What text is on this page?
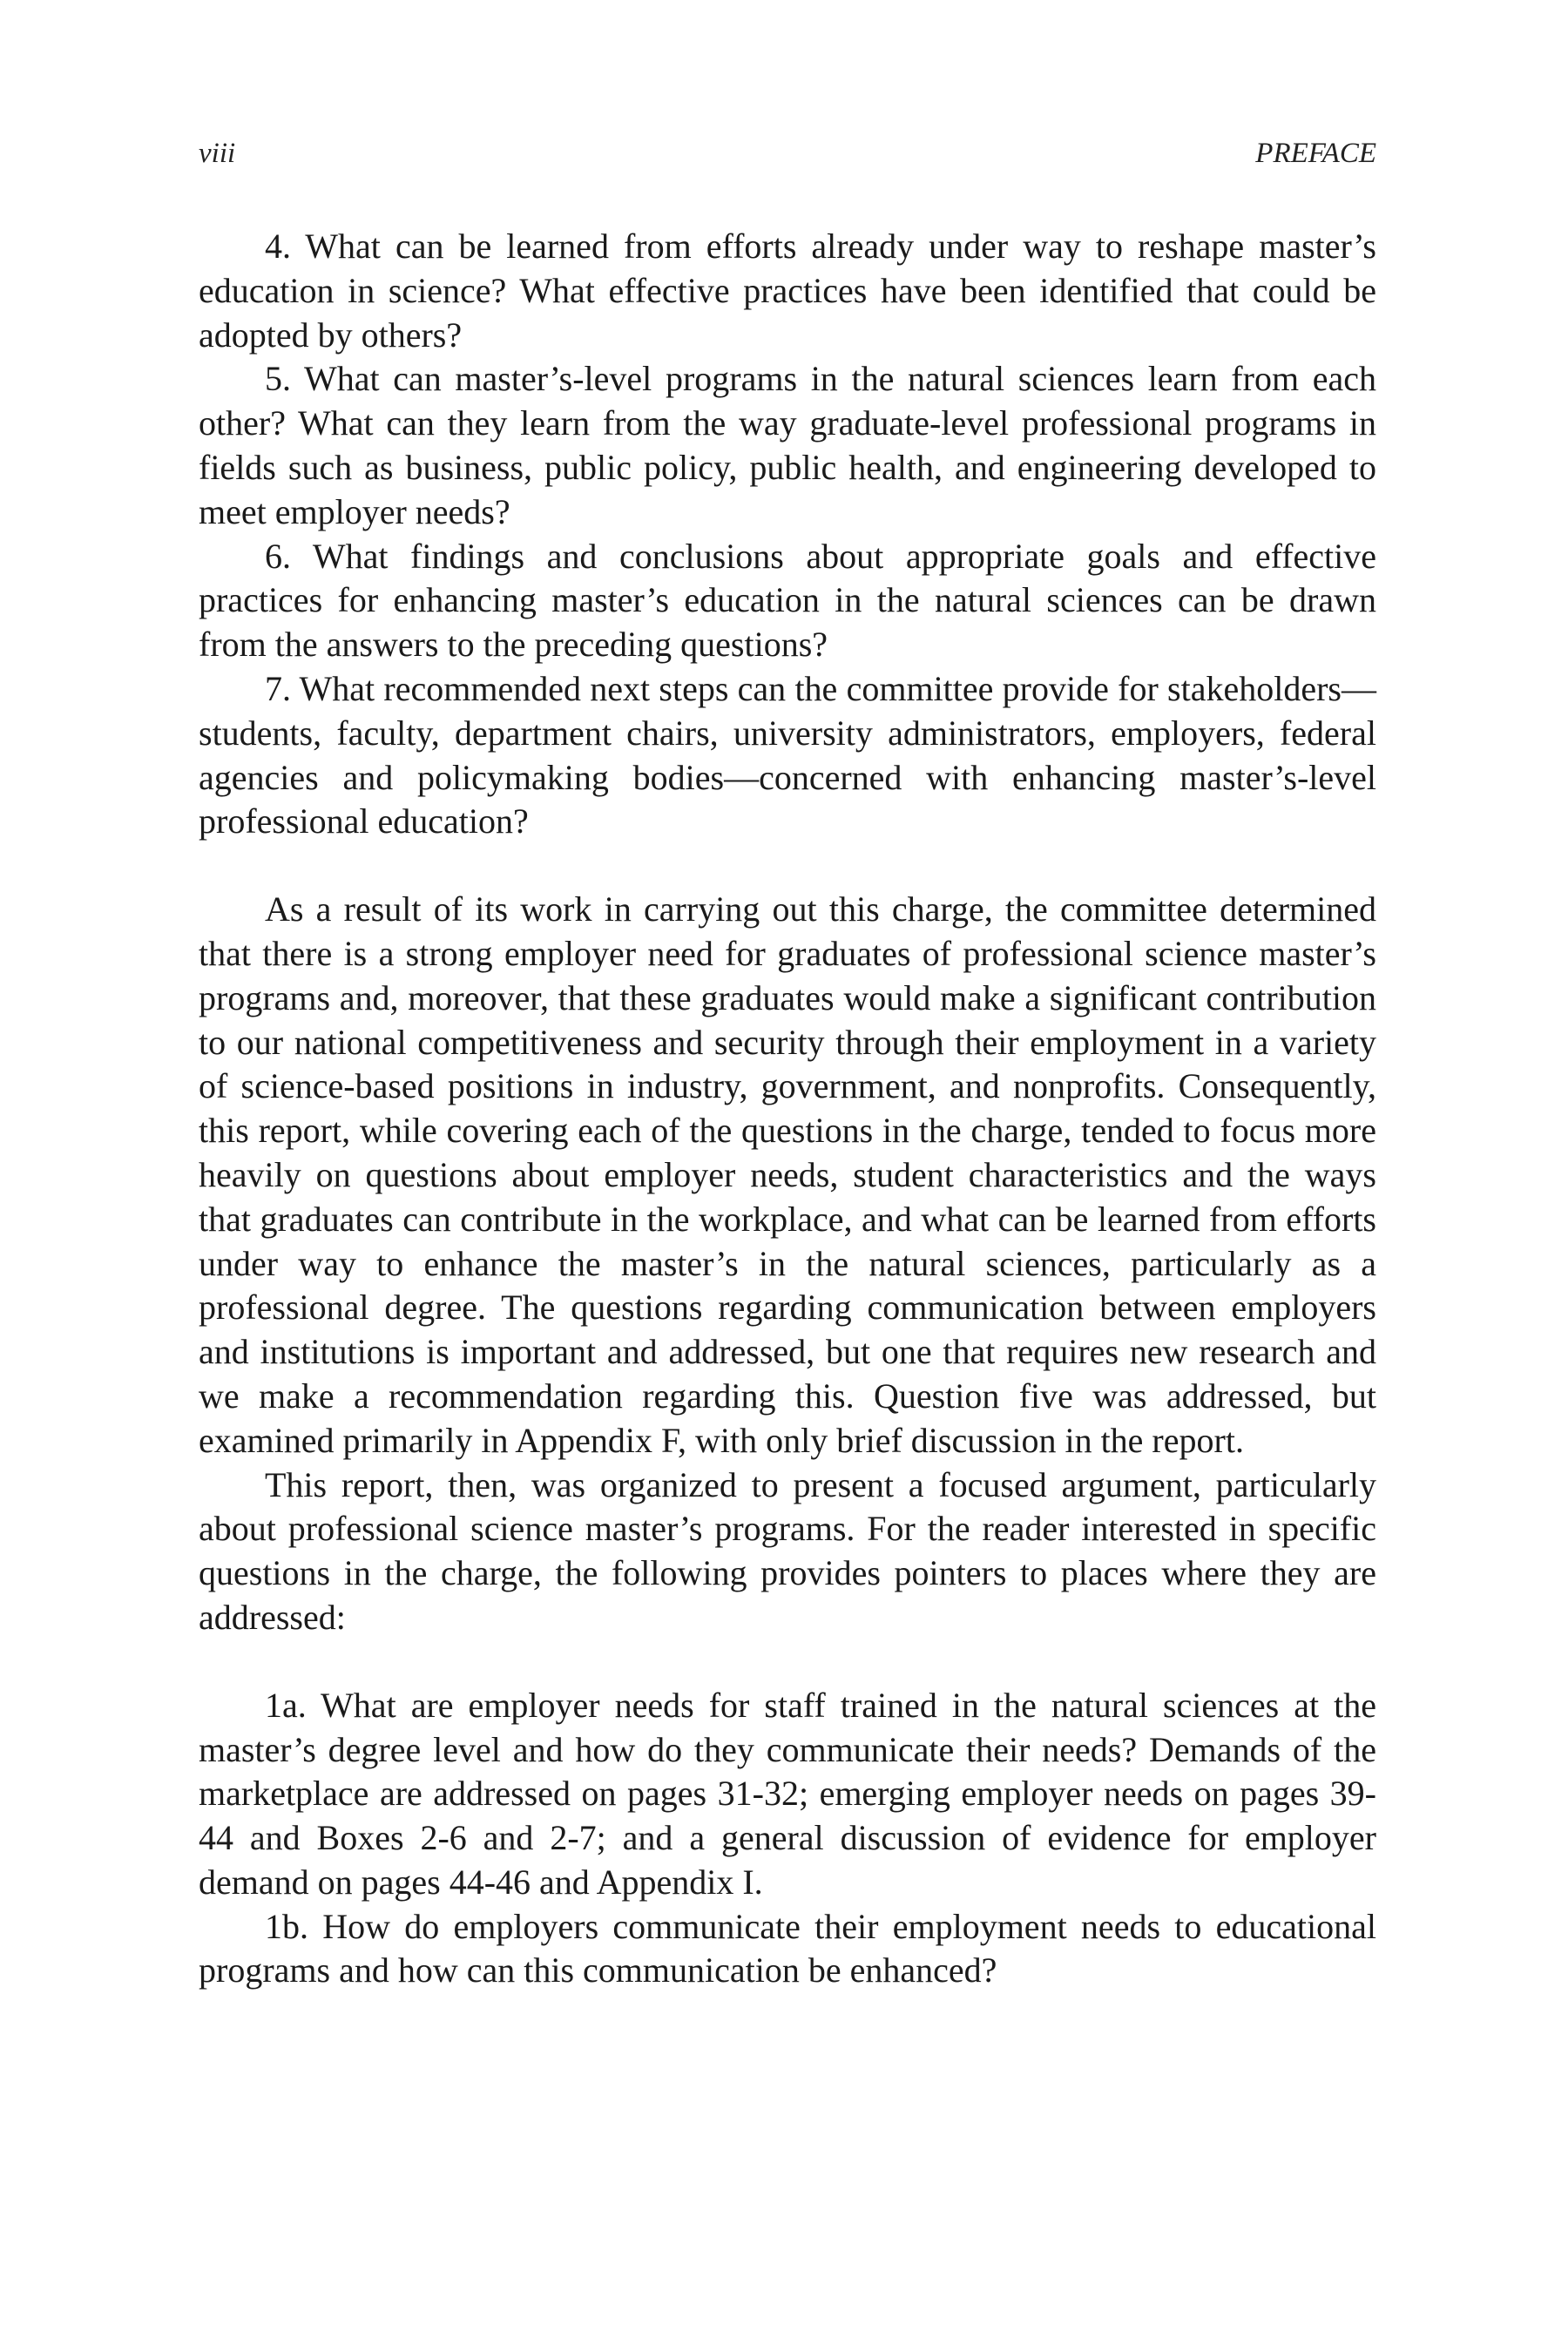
viii	PREFACE

4. What can be learned from efforts already under way to reshape master’s education in science? What effective practices have been identified that could be adopted by others?

5. What can master’s-level programs in the natural sciences learn from each other? What can they learn from the way graduate-level professional programs in fields such as business, public policy, public health, and engineering developed to meet employer needs?

6. What findings and conclusions about appropriate goals and effective practices for enhancing master’s education in the natural sciences can be drawn from the answers to the preceding questions?

7. What recommended next steps can the committee provide for stakeholders—students, faculty, department chairs, university administrators, employers, federal agencies and policymaking bodies—concerned with enhancing master’s-level professional education?

As a result of its work in carrying out this charge, the committee determined that there is a strong employer need for graduates of professional science master’s programs and, moreover, that these graduates would make a significant contribution to our national competitiveness and security through their employment in a variety of science-based positions in industry, government, and nonprofits. Consequently, this report, while covering each of the questions in the charge, tended to focus more heavily on questions about employer needs, student characteristics and the ways that graduates can contribute in the workplace, and what can be learned from efforts under way to enhance the master’s in the natural sciences, particularly as a professional degree. The questions regarding communication between employers and institutions is important and addressed, but one that requires new research and we make a recommendation regarding this. Question five was addressed, but examined primarily in Appendix F, with only brief discussion in the report.

This report, then, was organized to present a focused argument, particularly about professional science master’s programs. For the reader interested in specific questions in the charge, the following provides pointers to places where they are addressed:

1a. What are employer needs for staff trained in the natural sciences at the master’s degree level and how do they communicate their needs? Demands of the marketplace are addressed on pages 31-32; emerging employer needs on pages 39-44 and Boxes 2-6 and 2-7; and a general discussion of evidence for employer demand on pages 44-46 and Appendix I.

1b. How do employers communicate their employment needs to educational programs and how can this communication be enhanced?
